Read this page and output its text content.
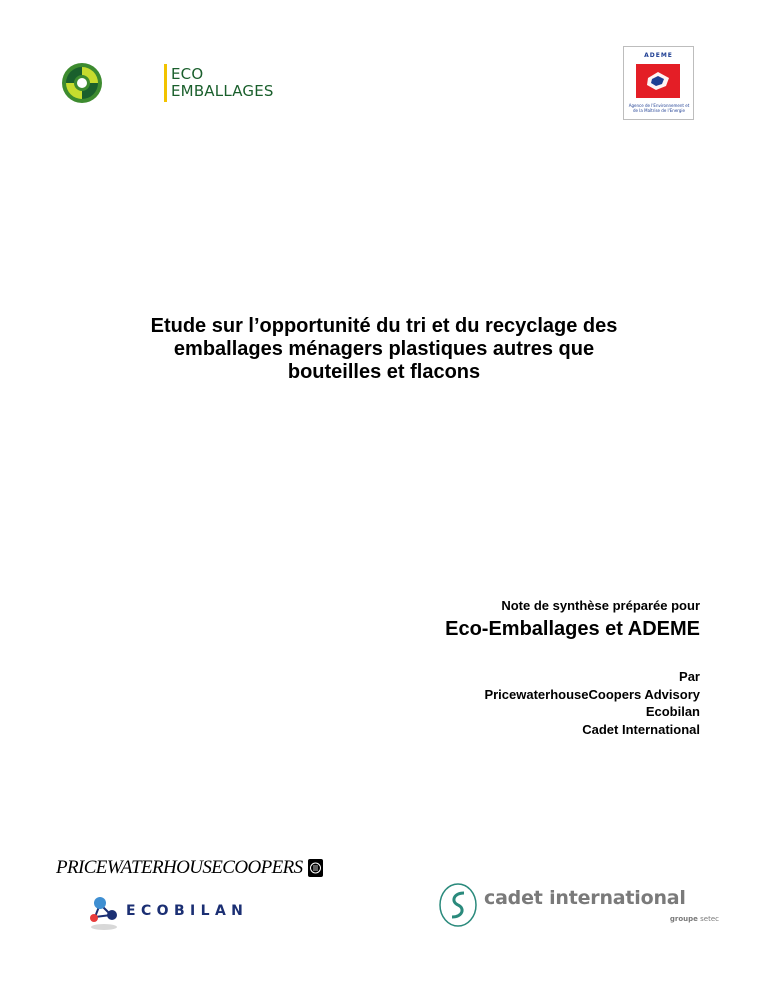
ECO
EMBALLAGES
ADEME
Agence de l'Environnement et de la Maîtrise de l'Energie
Etude sur l’opportunité du tri et du recyclage des
emballages ménagers plastiques autres que
bouteilles et flacons
Note de synthèse préparée pour
Eco-Emballages et ADEME
Par
PricewaterhouseCoopers Advisory
Ecobilan
Cadet International
PRICEWATERHOUSECOOPERS
ECOBILAN
cadet international
groupe setec
